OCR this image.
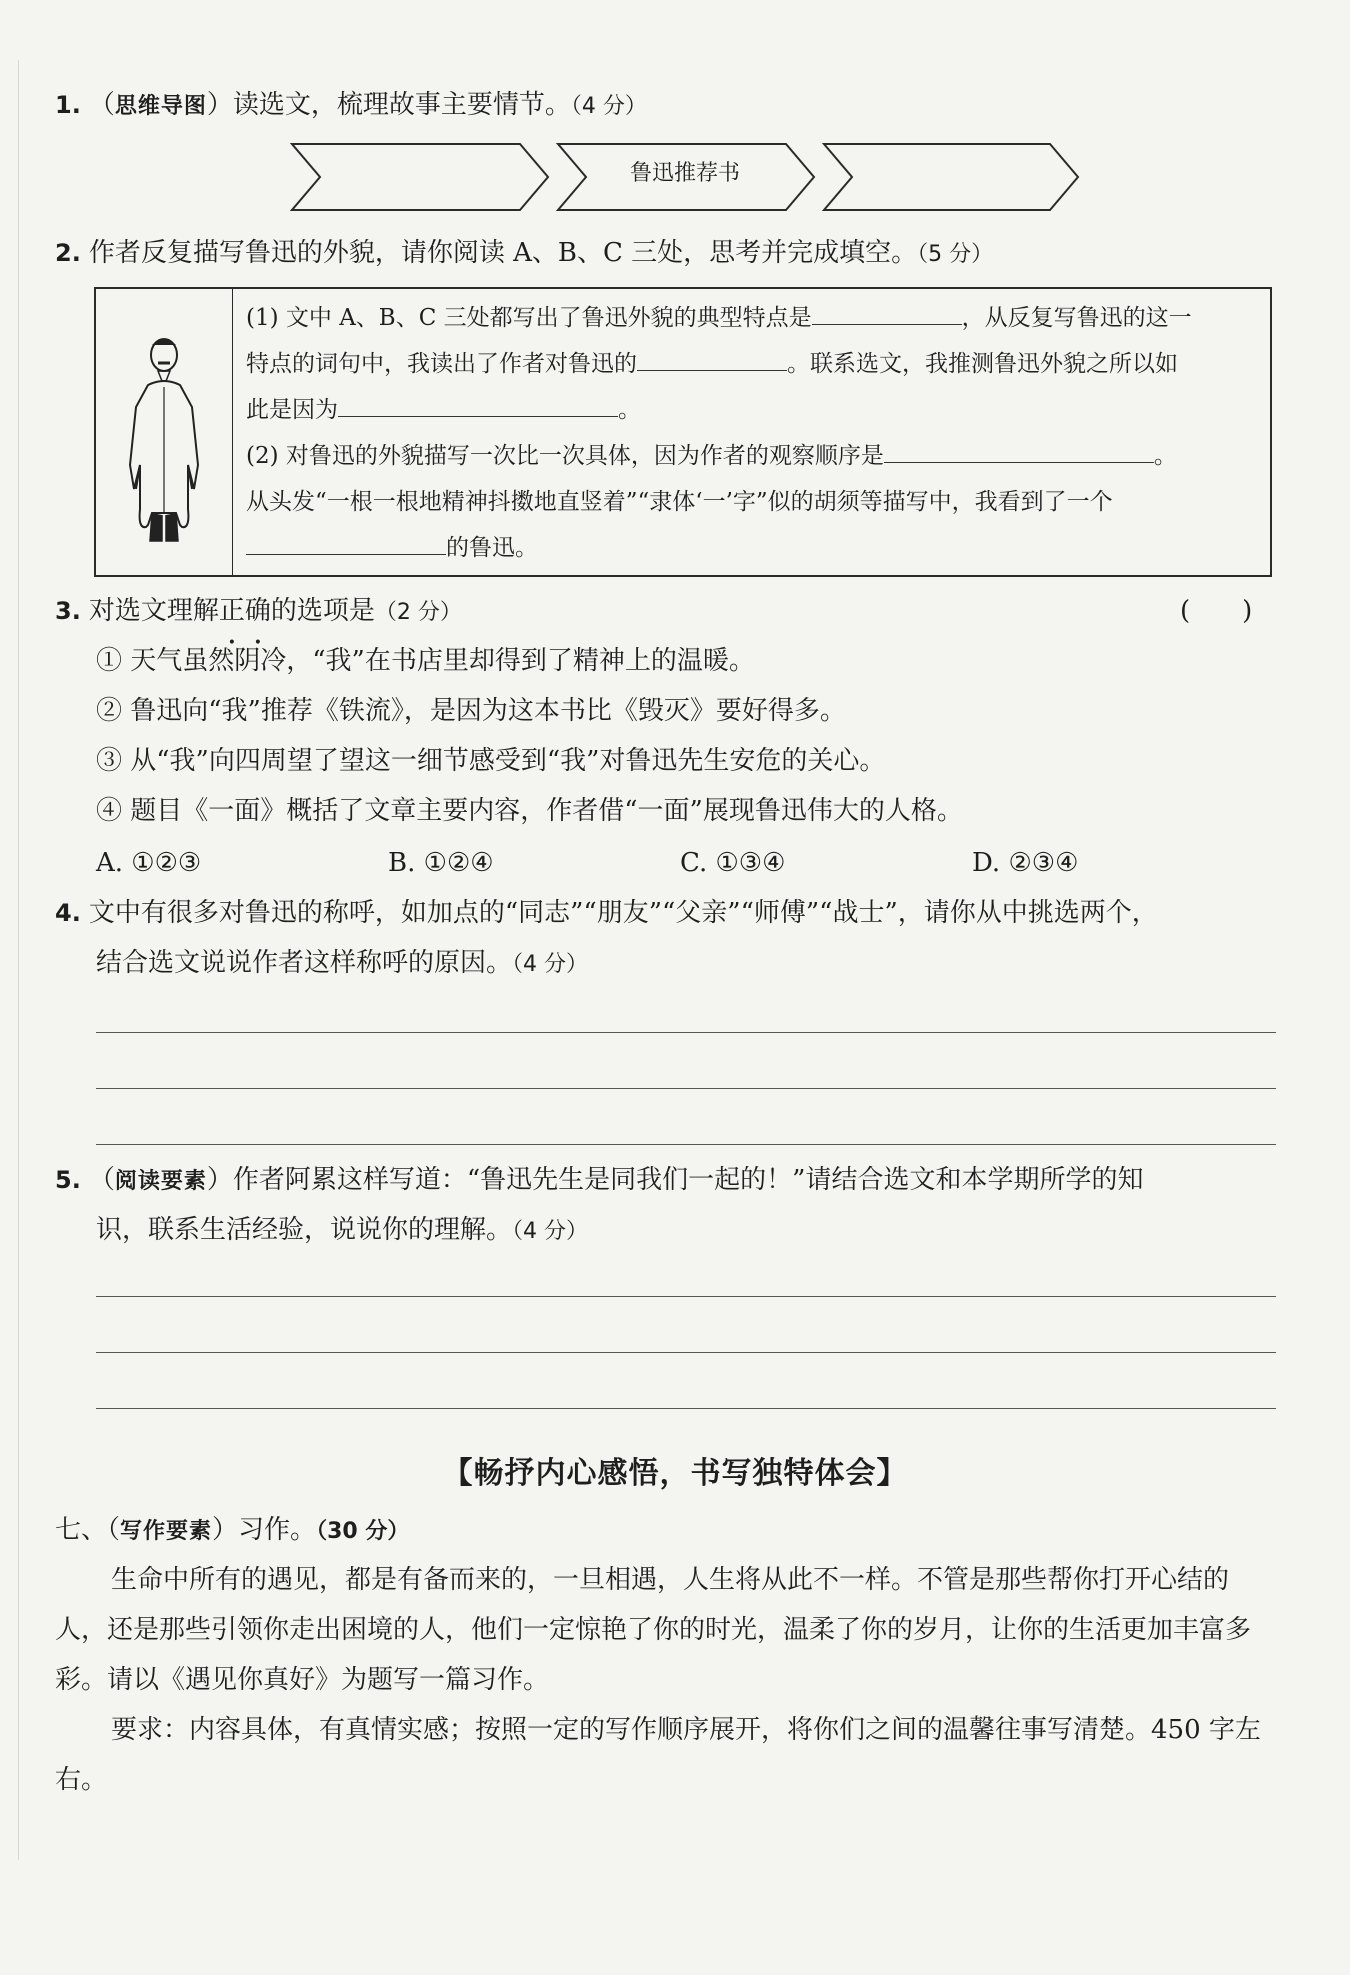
1. （思维导图）读选文，梳理故事主要情节。（4 分）
鲁迅推荐书
2. 作者反复描写鲁迅的外貌，请你阅读 A、B、C 三处，思考并完成填空。（5 分）
(1) 文中 A、B、C 三处都写出了鲁迅外貌的典型特点是	，从反复写鲁迅的这一
特点的词句中，我读出了作者对鲁迅的	。联系选文，我推测鲁迅外貌之所以如
此是因为	。
(2) 对鲁迅的外貌描写一次比一次具体，因为作者的观察顺序是	。
从头发“一根一根地精神抖擞地直竖着”“隶体‘一’字”似的胡须等描写中，我看到了一个
的鲁迅。
3. 对选文理解正确的选项是（2 分）	(　　)
① 天气虽然阴冷，“我”在书店里却得到了精神上的温暖。
② 鲁迅向“我”推荐《铁流》，是因为这本书比《毁灭》要好得多。
③ 从“我”向四周望了望这一细节感受到“我”对鲁迅先生安危的关心。
④ 题目《一面》概括了文章主要内容，作者借“一面”展现鲁迅伟大的人格。
A. ①②③	B. ①②④	C. ①③④	D. ②③④
4. 文中有很多对鲁迅的称呼，如加点的“同志”“朋友”“父亲”“师傅”“战士”，请你从中挑选两个，
结合选文说说作者这样称呼的原因。（4 分）
5. （阅读要素）作者阿累这样写道：“鲁迅先生是同我们一起的！”请结合选文和本学期所学的知
识，联系生活经验，说说你的理解。（4 分）
【畅抒内心感悟，书写独特体会】
七、（写作要素）习作。（30 分）
生命中所有的遇见，都是有备而来的，一旦相遇，人生将从此不一样。不管是那些帮你打开心结的人，还是那些引领你走出困境的人，他们一定惊艳了你的时光，温柔了你的岁月，让你的生活更加丰富多彩。请以《遇见你真好》为题写一篇习作。
要求：内容具体，有真情实感；按照一定的写作顺序展开，将你们之间的温馨往事写清楚。450 字左右。
